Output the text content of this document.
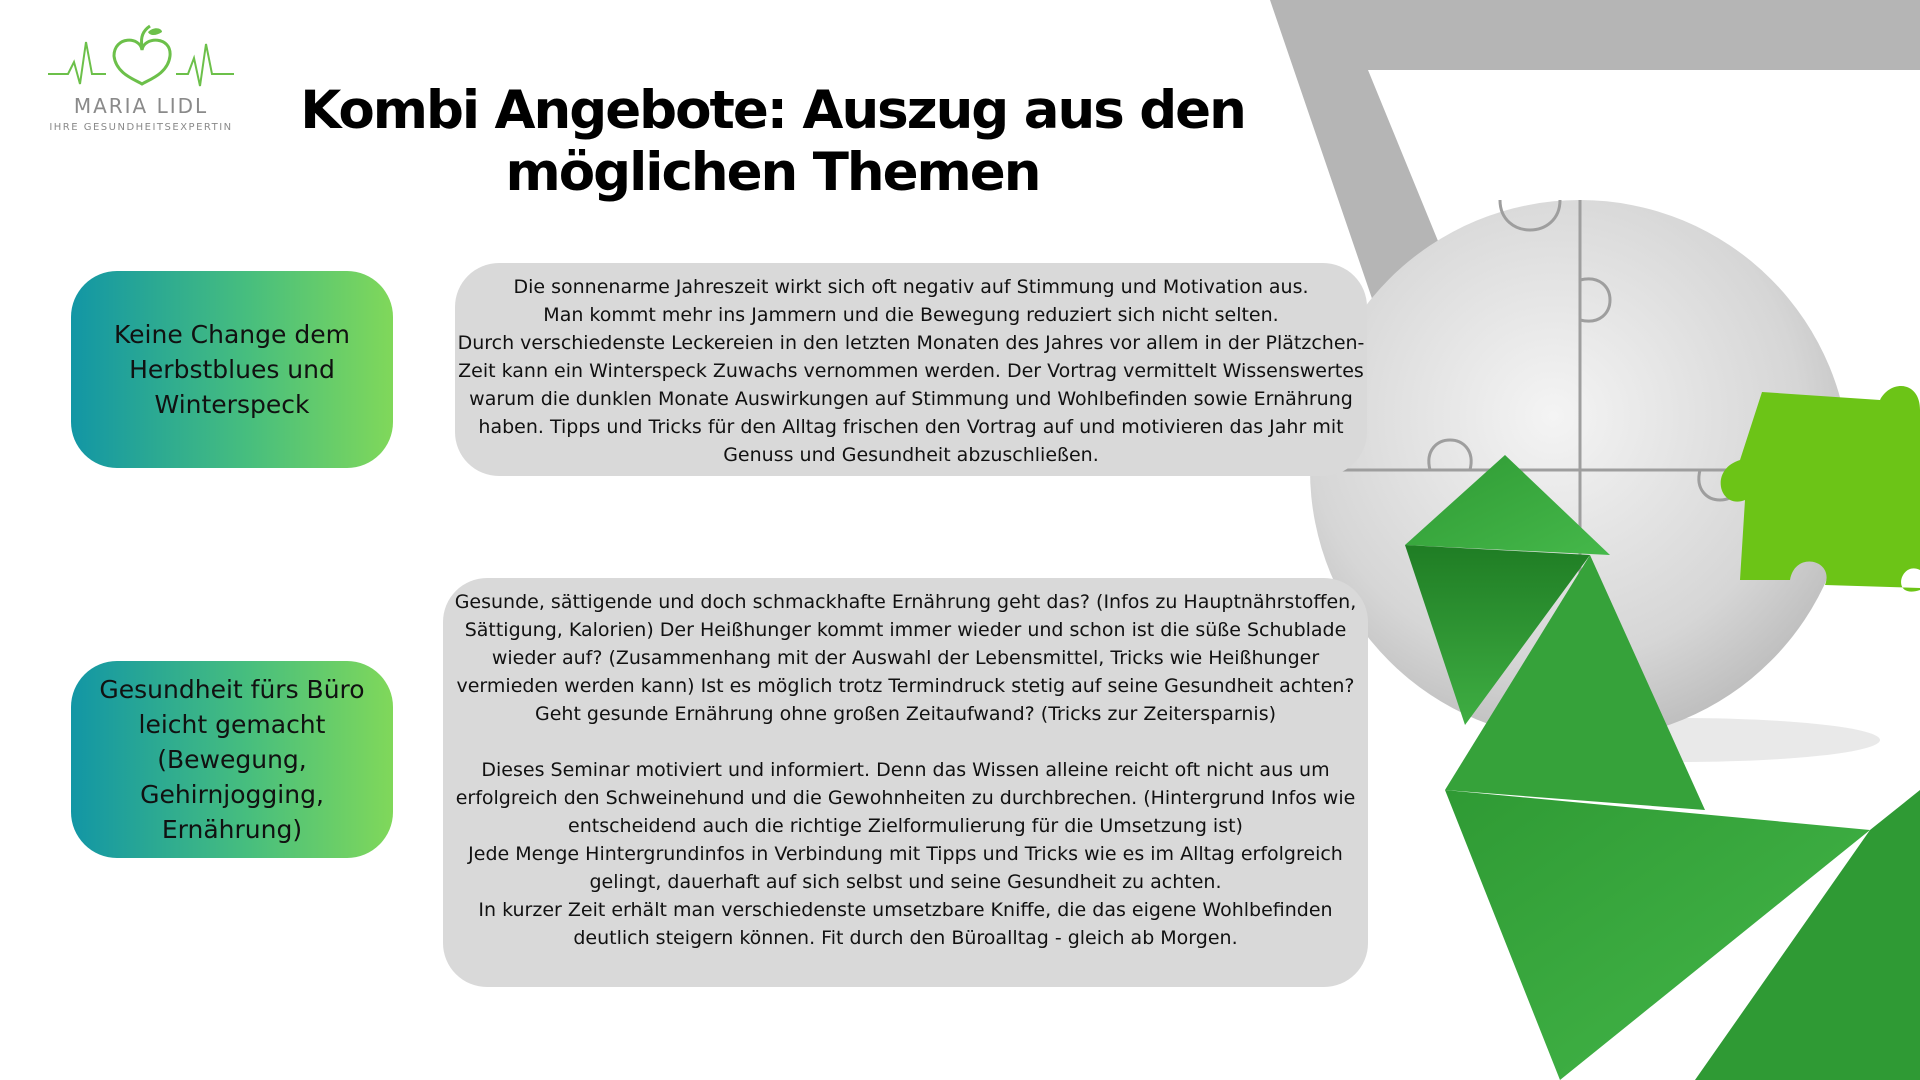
MARIA LIDL
IHRE GESUNDHEITSEXPERTIN Kombi Angebote: Auszug aus den möglichen Themen
Keine Change dem Herbstblues und Winterspeck

Die sonnenarme Jahreszeit wirkt sich oft negativ auf Stimmung und Motivation aus.
Man kommt mehr ins Jammern und die Bewegung reduziert sich nicht selten.
Durch verschiedenste Leckereien in den letzten Monaten des Jahres vor allem in der Plätzchen-Zeit kann ein Winterspeck Zuwachs vernommen werden. Der Vortrag vermittelt Wissenswertes warum die dunklen Monate Auswirkungen auf Stimmung und Wohlbefinden sowie Ernährung haben. Tipps und Tricks für den Alltag frischen den Vortrag auf und motivieren das Jahr mit Genuss und Gesundheit abzuschließen.

Gesundheit fürs Büro leicht gemacht (Bewegung, Gehirnjogging, Ernährung)

Gesunde, sättigende und doch schmackhafte Ernährung geht das? (Infos zu Hauptnährstoffen, Sättigung, Kalorien) Der Heißhunger kommt immer wieder und schon ist die süße Schublade wieder auf? (Zusammenhang mit der Auswahl der Lebensmittel, Tricks wie Heißhunger vermieden werden kann) Ist es möglich trotz Termindruck stetig auf seine Gesundheit achten? Geht gesunde Ernährung ohne großen Zeitaufwand? (Tricks zur Zeitersparnis)

Dieses Seminar motiviert und informiert. Denn das Wissen alleine reicht oft nicht aus um erfolgreich den Schweinehund und die Gewohnheiten zu durchbrechen. (Hintergrund Infos wie entscheidend auch die richtige Zielformulierung für die Umsetzung ist)
Jede Menge Hintergrundinfos in Verbindung mit Tipps und Tricks wie es im Alltag erfolgreich gelingt, dauerhaft auf sich selbst und seine Gesundheit zu achten.
In kurzer Zeit erhält man verschiedenste umsetzbare Kniffe, die das eigene Wohlbefinden deutlich steigern können. Fit durch den Büroalltag - gleich ab Morgen.
